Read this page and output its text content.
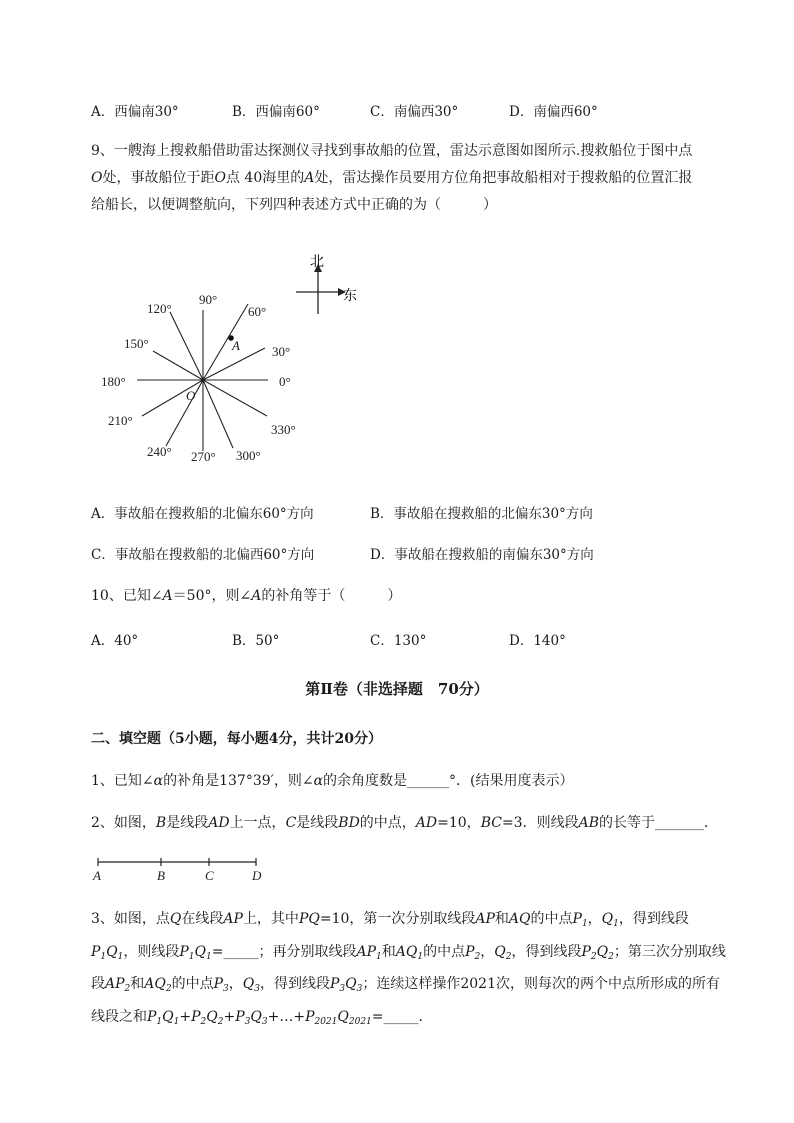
A．西偏南30°	B．西偏南60°	C．南偏西30°	D．南偏西60°
9、一艘海上搜救船借助雷达探测仪寻找到事故船的位置，雷达示意图如图所示.搜救船位于图中点
O处，事故船位于距O点 40海里的A处，雷达操作员要用方位角把事故船相对于搜救船的位置汇报
给船长，以便调整航向，下列四种表述方式中正确的为（　　　）
北
东
90°
120°	60°
150°
30°
180°	0°
210°
330°
240° 270° 300°
A
O
A．事故船在搜救船的北偏东60°方向	B．事故船在搜救船的北偏东30°方向
C．事故船在搜救船的北偏西60°方向	D．事故船在搜救船的南偏东30°方向
10、已知∠A＝50°，则∠A的补角等于（　　　）
A．40°	B．50°	C．130°	D．140°
第Ⅱ卷（非选择题　70分）
二、填空题（5小题，每小题4分，共计20分）
1、已知∠α的补角是137°39′，则∠α的余角度数是______°．(结果用度表示）
2、如图，B是线段AD上一点，C是线段BD的中点，AD=10，BC=3．则线段AB的长等于_______．
A	B	C	D
3、如图，点Q在线段AP上，其中PQ=10，第一次分别取线段AP和AQ的中点$P_1$，$Q_1$，得到线段
$P_1Q_1$，则线段$P_1Q_1=\_\_\_\_\_$；再分别取线段$AP_1$和$AQ_1$的中点$P_2$，$Q_2$，得到线段$P_2Q_2$；第三次分别取线
段$AP_2$和$AQ_2$的中点$P_3$，$Q_3$，得到线段$P_3Q_3$；连续这样操作2021次，则每次的两个中点所形成的所有
线段之和$P_1Q_1+P_2Q_2+P_3Q_3+\dots+P_{2021}Q_{2021}=\_\_\_\_\_$．
